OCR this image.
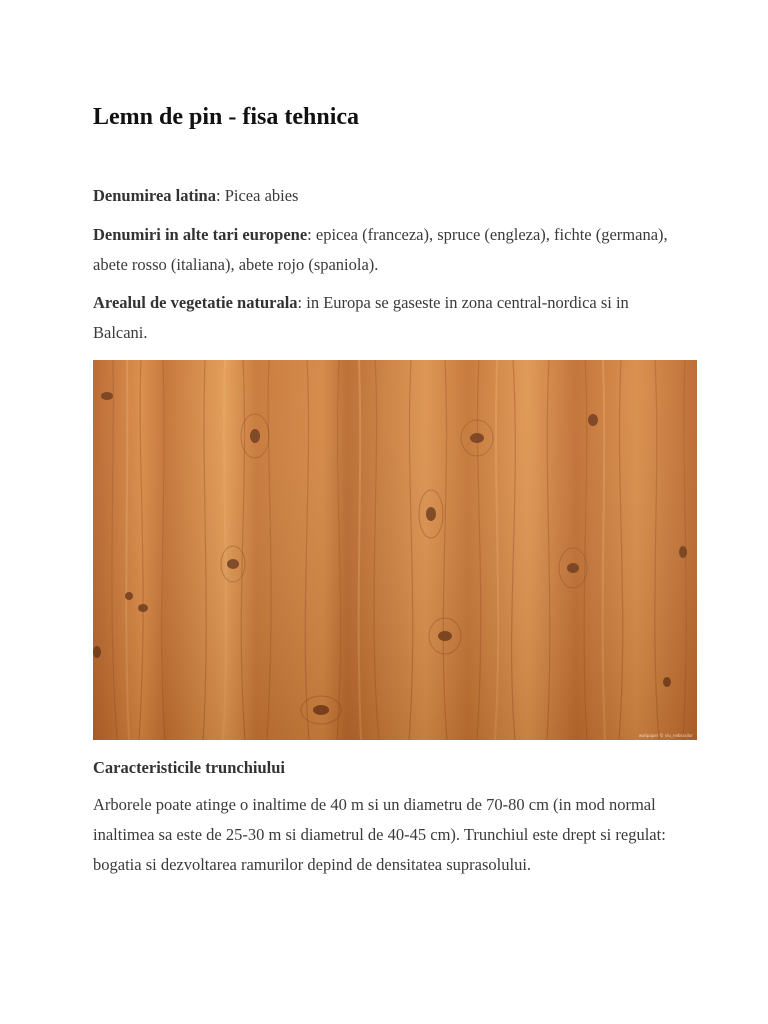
Lemn de pin - fisa tehnica

Denumirea latina: Picea abies

Denumiri in alte tari europene: epicea (franceza), spruce (engleza), fichte (germana), abete rosso (italiana), abete rojo (spaniola).

Arealul de vegetatie naturala: in Europa se gaseste in zona central-nordica si in Balcani.

wallpaper © viu_nebrasilor
Caracteristicile trunchiului

Arborele poate atinge o inaltime de 40 m si un diametru de 70-80 cm (in mod normal inaltimea sa este de 25-30 m si diametrul de 40-45 cm). Trunchiul este drept si regulat: bogatia si dezvoltarea ramurilor depind de densitatea suprasolului.
